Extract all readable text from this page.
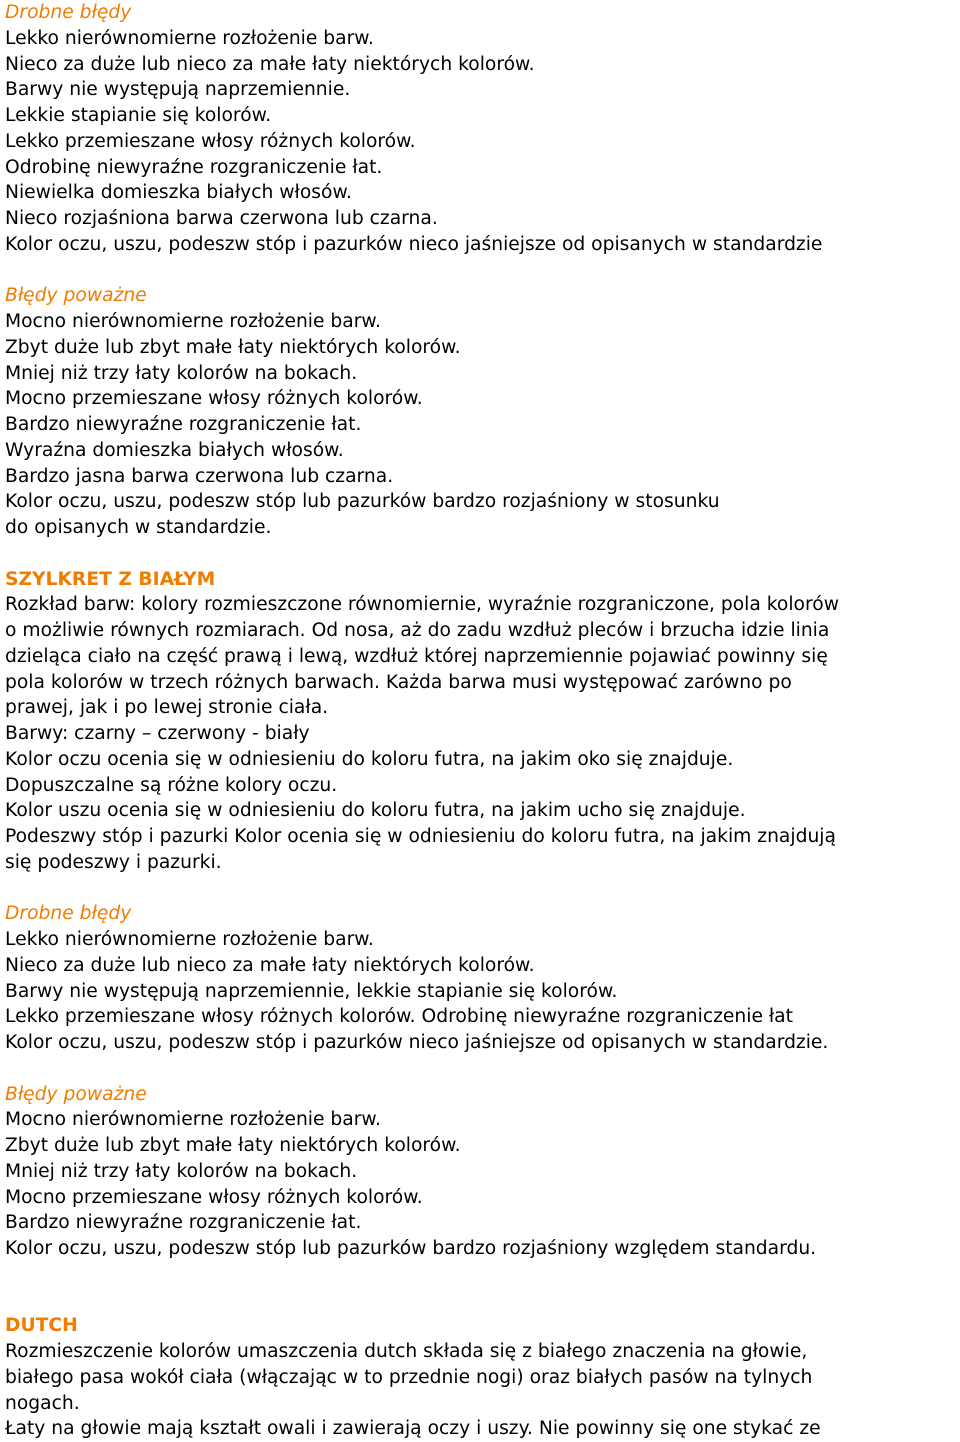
Drobne błędy
Lekko nierównomierne rozłożenie barw.
Nieco za duże lub nieco za małe łaty niektórych kolorów.
Barwy nie występują naprzemiennie.
Lekkie stapianie się kolorów.
Lekko przemieszane włosy różnych kolorów.
Odrobinę niewyraźne rozgraniczenie łat.
Niewielka domieszka białych włosów.
Nieco rozjaśniona barwa czerwona lub czarna.
Kolor oczu, uszu, podeszw stóp i pazurków nieco jaśniejsze od opisanych w standardzie
Błędy poważne
Mocno nierównomierne rozłożenie barw.
Zbyt duże lub zbyt małe łaty niektórych kolorów.
Mniej niż trzy łaty kolorów na bokach.
Mocno przemieszane włosy różnych kolorów.
Bardzo niewyraźne rozgraniczenie łat.
Wyraźna domieszka białych włosów.
Bardzo jasna barwa czerwona lub czarna.
Kolor oczu, uszu, podeszw stóp lub pazurków bardzo rozjaśniony w stosunku
do opisanych w standardzie.
SZYLKRET Z BIAŁYM
Rozkład barw: kolory rozmieszczone równomiernie, wyraźnie rozgraniczone, pola kolorów
o możliwie równych rozmiarach. Od nosa, aż do zadu wzdłuż pleców i brzucha idzie linia
dzieląca ciało na część prawą i lewą, wzdłuż której naprzemiennie pojawiać powinny się
pola kolorów w trzech różnych barwach. Każda barwa musi występować zarówno po
prawej, jak i po lewej stronie ciała.
Barwy: czarny – czerwony - biały
Kolor oczu ocenia się w odniesieniu do koloru futra, na jakim oko się znajduje.
Dopuszczalne są różne kolory oczu.
Kolor uszu ocenia się w odniesieniu do koloru futra, na jakim ucho się znajduje.
Podeszwy stóp i pazurki Kolor ocenia się w odniesieniu do koloru futra, na jakim znajdują
się podeszwy i pazurki.
Drobne błędy
Lekko nierównomierne rozłożenie barw.
Nieco za duże lub nieco za małe łaty niektórych kolorów.
Barwy nie występują naprzemiennie, lekkie stapianie się kolorów.
Lekko przemieszane włosy różnych kolorów. Odrobinę niewyraźne rozgraniczenie łat
Kolor oczu, uszu, podeszw stóp i pazurków nieco jaśniejsze od opisanych w standardzie.
Błędy poważne
Mocno nierównomierne rozłożenie barw.
Zbyt duże lub zbyt małe łaty niektórych kolorów.
Mniej niż trzy łaty kolorów na bokach.
Mocno przemieszane włosy różnych kolorów.
Bardzo niewyraźne rozgraniczenie łat.
Kolor oczu, uszu, podeszw stóp lub pazurków bardzo rozjaśniony względem standardu.
DUTCH
Rozmieszczenie kolorów umaszczenia dutch składa się z białego znaczenia na głowie,
białego pasa wokół ciała (włączając w to przednie nogi) oraz białych pasów na tylnych
nogach.
Łaty na głowie mają kształt owali i zawierają oczy i uszy. Nie powinny się one stykać ze
